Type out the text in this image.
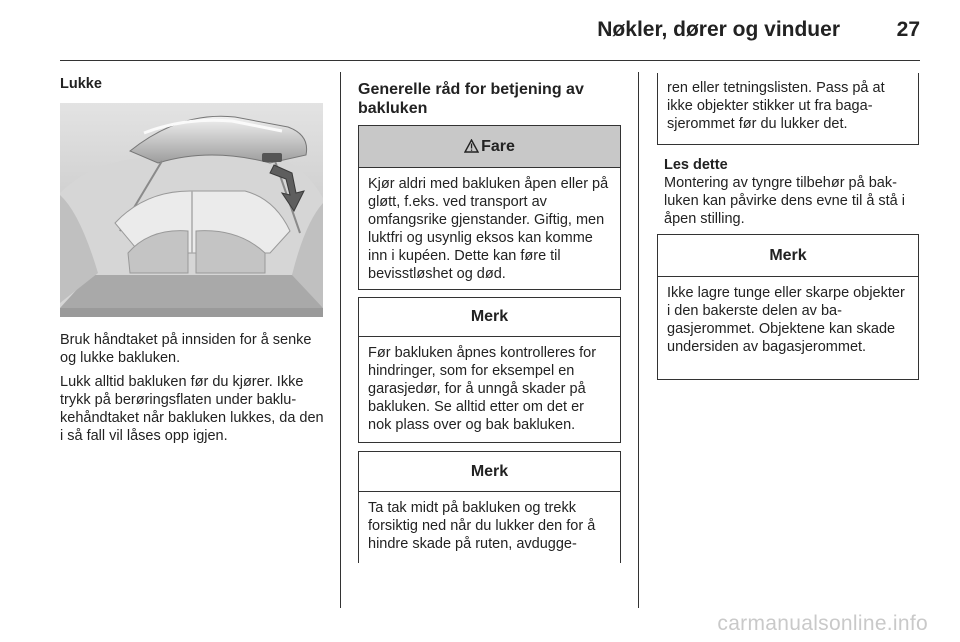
Nøkler, dører og vinduer	27
Lukke

Bruk håndtaket på innsiden for å senke og lukke bakluken.

Lukk alltid bakluken før du kjører. Ikke trykk på berøringsflaten under baklukehåndtaket når bakluken lukkes, da den i så fall vil låses opp igjen.

Generelle råd for betjening av bakluken
Fare
Kjør aldri med bakluken åpen eller på gløtt, f.eks. ved transport av omfangsrike gjenstander. Giftig, men luktfri og usynlig eksos kan komme inn i kupéen. Dette kan føre til bevisstløshet og død.
Merk
Før bakluken åpnes kontrolleres for hindringer, som for eksempel en garasjedør, for å unngå skader på bakluken. Se alltid etter om det er nok plass over og bak bakluken.
Merk
Ta tak midt på bakluken og trekk forsiktig ned når du lukker den for å hindre skade på ruten, avdugge-
ren eller tetningslisten. Pass på at ikke objekter stikker ut fra bagasjerommet før du lukker det.

Les dette

Montering av tyngre tilbehør på bakluken kan påvirke dens evne til å stå i åpen stilling.

Merk
Ikke lagre tunge eller skarpe objekter i den bakerste delen av bagasjerommet. Objektene kan skade undersiden av bagasjerommet.
carmanualsonline.info
